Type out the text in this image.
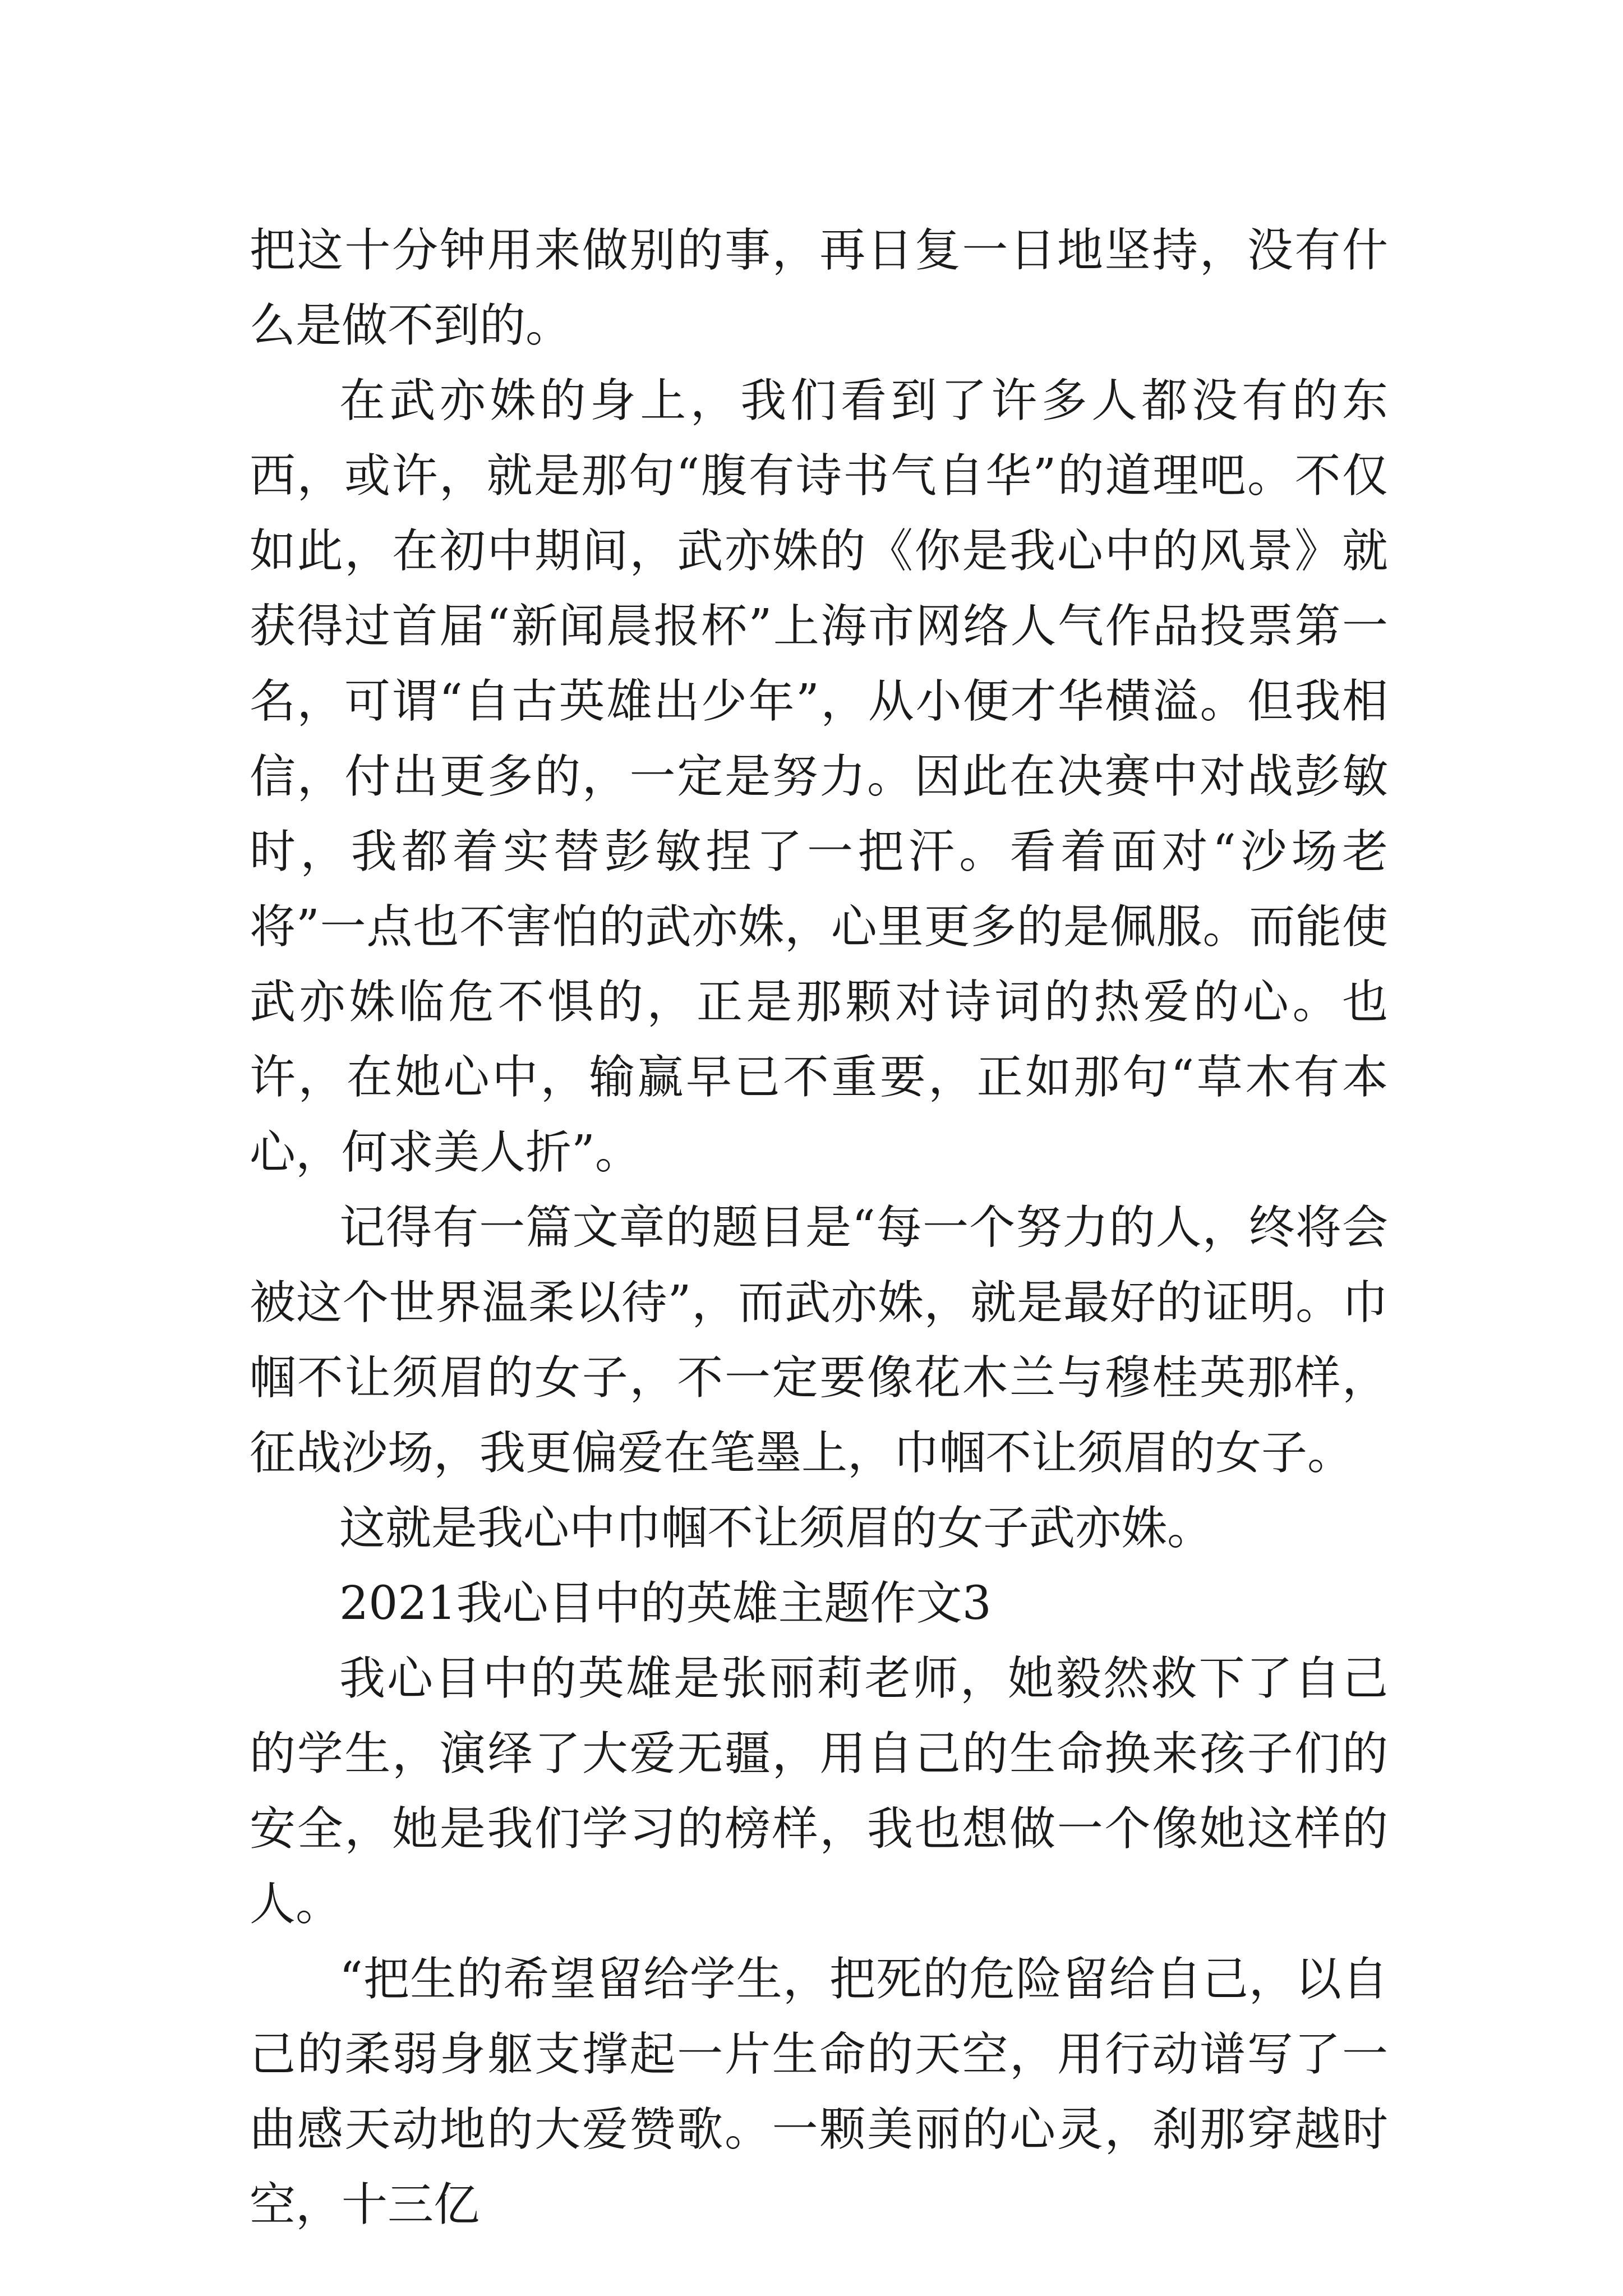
把这十分钟用来做别的事，再日复一日地坚持，没有什么是做不到的。

在武亦姝的身上，我们看到了许多人都没有的东西，或许，就是那句“腹有诗书气自华”的道理吧。不仅如此，在初中期间，武亦姝的《你是我心中的风景》就获得过首届“新闻晨报杯”上海市网络人气作品投票第一名，可谓“自古英雄出少年”，从小便才华横溢。但我相信，付出更多的，一定是努力。因此在决赛中对战彭敏时，我都着实替彭敏捏了一把汗。看着面对“沙场老将”一点也不害怕的武亦姝，心里更多的是佩服。而能使武亦姝临危不惧的，正是那颗对诗词的热爱的心。也许，在她心中，输赢早已不重要，正如那句“草木有本心，何求美人折”。

记得有一篇文章的题目是“每一个努力的人，终将会被这个世界温柔以待”，而武亦姝，就是最好的证明。巾帼不让须眉的女子，不一定要像花木兰与穆桂英那样，征战沙场，我更偏爱在笔墨上，巾帼不让须眉的女子。

这就是我心中巾帼不让须眉的女子武亦姝。

2021我心目中的英雄主题作文3

我心目中的英雄是张丽莉老师，她毅然救下了自己的学生，演绎了大爱无疆，用自己的生命换来孩子们的安全，她是我们学习的榜样，我也想做一个像她这样的人。

“把生的希望留给学生，把死的危险留给自己，以自己的柔弱身躯支撑起一片生命的天空，用行动谱写了一曲感天动地的大爱赞歌。一颗美丽的心灵，刹那穿越时空，十三亿
